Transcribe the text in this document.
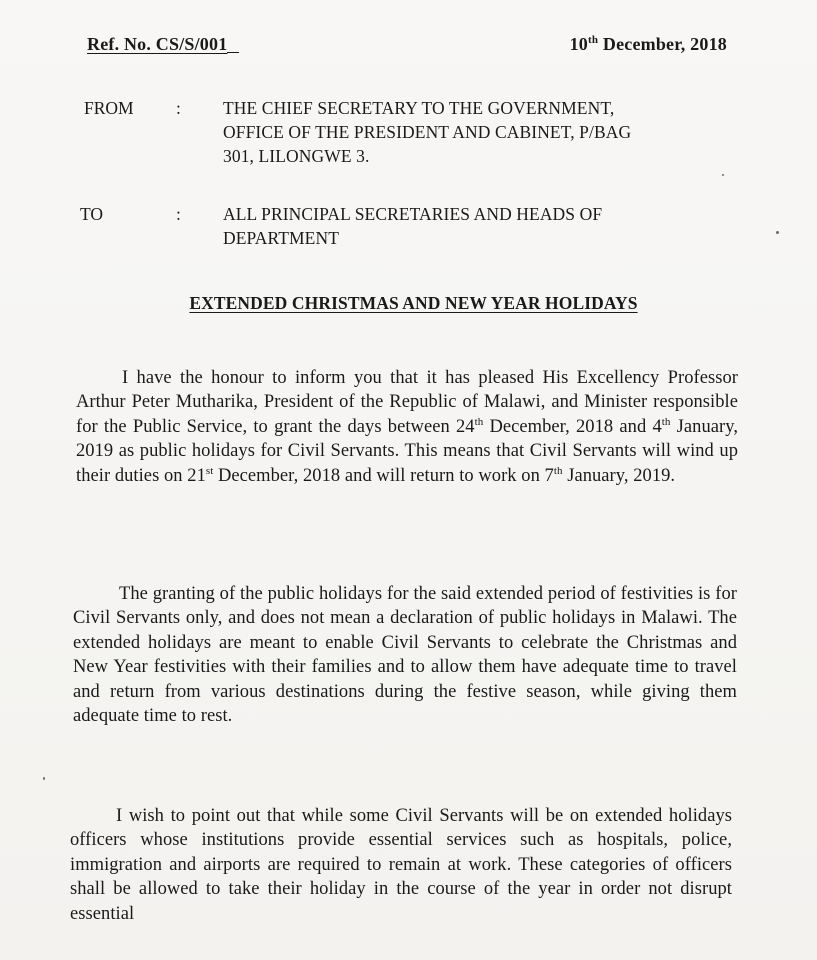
Ref. No. CS/S/001	10th December, 2018
FROM : THE CHIEF SECRETARY TO THE GOVERNMENT,
OFFICE OF THE PRESIDENT AND CABINET, P/BAG
301, LILONGWE 3.
TO	: ALL PRINCIPAL SECRETARIES AND HEADS OF
DEPARTMENT
EXTENDED CHRISTMAS AND NEW YEAR HOLIDAYS

I have the honour to inform you that it has pleased His Excellency Professor Arthur Peter Mutharika, President of the Republic of Malawi, and Minister responsible for the Public Service, to grant the days between 24th December, 2018 and 4th January, 2019 as public holidays for Civil Servants. This means that Civil Servants will wind up their duties on 21st December, 2018 and will return to work on 7th January, 2019.

The granting of the public holidays for the said extended period of festivities is for Civil Servants only, and does not mean a declaration of public holidays in Malawi. The extended holidays are meant to enable Civil Servants to celebrate the Christmas and New Year festivities with their families and to allow them have adequate time to travel and return from various destinations during the festive season, while giving them adequate time to rest.

I wish to point out that while some Civil Servants will be on extended holidays officers whose institutions provide essential services such as hospitals, police, immigration and airports are required to remain at work. These categories of officers shall be allowed to take their holiday in the course of the year in order not disrupt essential
